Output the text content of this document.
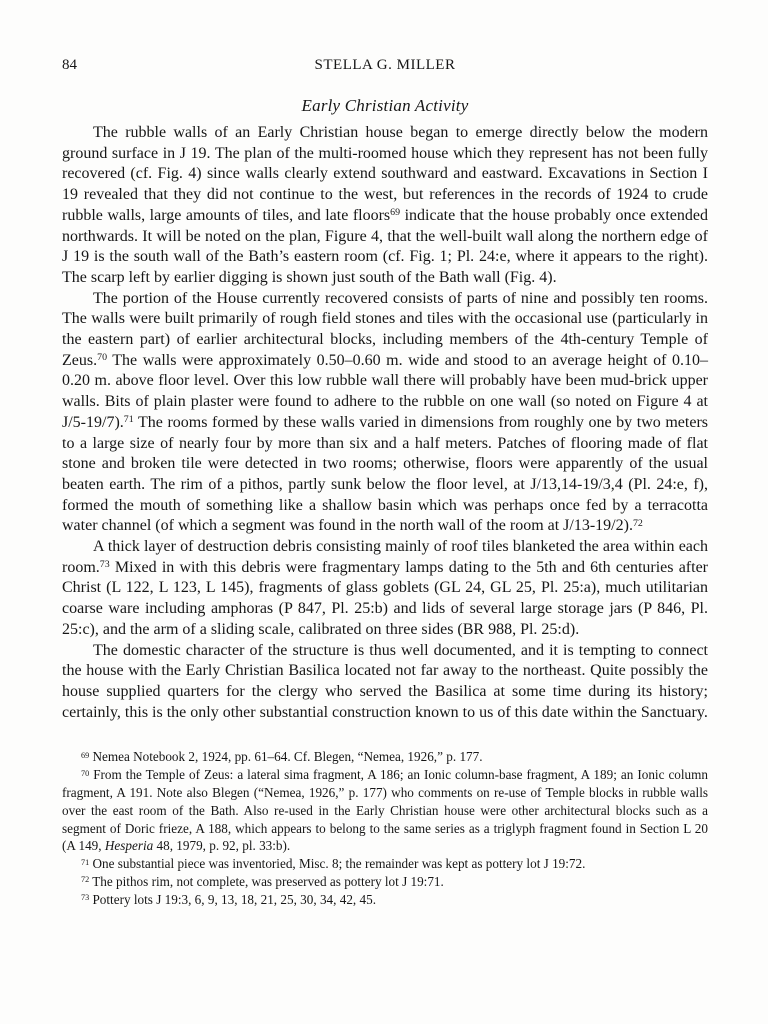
84	STELLA G. MILLER
Early Christian Activity

The rubble walls of an Early Christian house began to emerge directly below the modern ground surface in J 19. The plan of the multi-roomed house which they represent has not been fully recovered (cf. Fig. 4) since walls clearly extend southward and eastward. Excavations in Section I 19 revealed that they did not continue to the west, but references in the records of 1924 to crude rubble walls, large amounts of tiles, and late floors$^{69}$ indicate that the house probably once extended northwards. It will be noted on the plan, Figure 4, that the well-built wall along the northern edge of J 19 is the south wall of the Bath’s eastern room (cf. Fig. 1; Pl. 24:e, where it appears to the right). The scarp left by earlier digging is shown just south of the Bath wall (Fig. 4).

The portion of the House currently recovered consists of parts of nine and possibly ten rooms. The walls were built primarily of rough field stones and tiles with the occasional use (particularly in the eastern part) of earlier architectural blocks, including members of the 4th-century Temple of Zeus.$^{70}$ The walls were approximately 0.50–0.60 m. wide and stood to an average height of 0.10–0.20 m. above floor level. Over this low rubble wall there will probably have been mud-brick upper walls. Bits of plain plaster were found to adhere to the rubble on one wall (so noted on Figure 4 at J/5-19/7).$^{71}$ The rooms formed by these walls varied in dimensions from roughly one by two meters to a large size of nearly four by more than six and a half meters. Patches of flooring made of flat stone and broken tile were detected in two rooms; otherwise, floors were apparently of the usual beaten earth. The rim of a pithos, partly sunk below the floor level, at J/13,14-19/3,4 (Pl. 24:e, f), formed the mouth of something like a shallow basin which was perhaps once fed by a terracotta water channel (of which a segment was found in the north wall of the room at J/13-19/2).$^{72}$

A thick layer of destruction debris consisting mainly of roof tiles blanketed the area within each room.$^{73}$ Mixed in with this debris were fragmentary lamps dating to the 5th and 6th centuries after Christ (L 122, L 123, L 145), fragments of glass goblets (GL 24, GL 25, Pl. 25:a), much utilitarian coarse ware including amphoras (P 847, Pl. 25:b) and lids of several large storage jars (P 846, Pl. 25:c), and the arm of a sliding scale, calibrated on three sides (BR 988, Pl. 25:d).

The domestic character of the structure is thus well documented, and it is tempting to connect the house with the Early Christian Basilica located not far away to the northeast. Quite possibly the house supplied quarters for the clergy who served the Basilica at some time during its history; certainly, this is the only other substantial construction known to us of this date within the Sanctuary.

$^{69}$ Nemea Notebook 2, 1924, pp. 61–64. Cf. Blegen, “Nemea, 1926,” p. 177.

$^{70}$ From the Temple of Zeus: a lateral sima fragment, A 186; an Ionic column-base fragment, A 189; an Ionic column fragment, A 191. Note also Blegen (“Nemea, 1926,” p. 177) who comments on re-use of Temple blocks in rubble walls over the east room of the Bath. Also re-used in the Early Christian house were other architectural blocks such as a segment of Doric frieze, A 188, which appears to belong to the same series as a triglyph fragment found in Section L 20 (A 149, Hesperia 48, 1979, p. 92, pl. 33:b).

$^{71}$ One substantial piece was inventoried, Misc. 8; the remainder was kept as pottery lot J 19:72.

$^{72}$ The pithos rim, not complete, was preserved as pottery lot J 19:71.

$^{73}$ Pottery lots J 19:3, 6, 9, 13, 18, 21, 25, 30, 34, 42, 45.
